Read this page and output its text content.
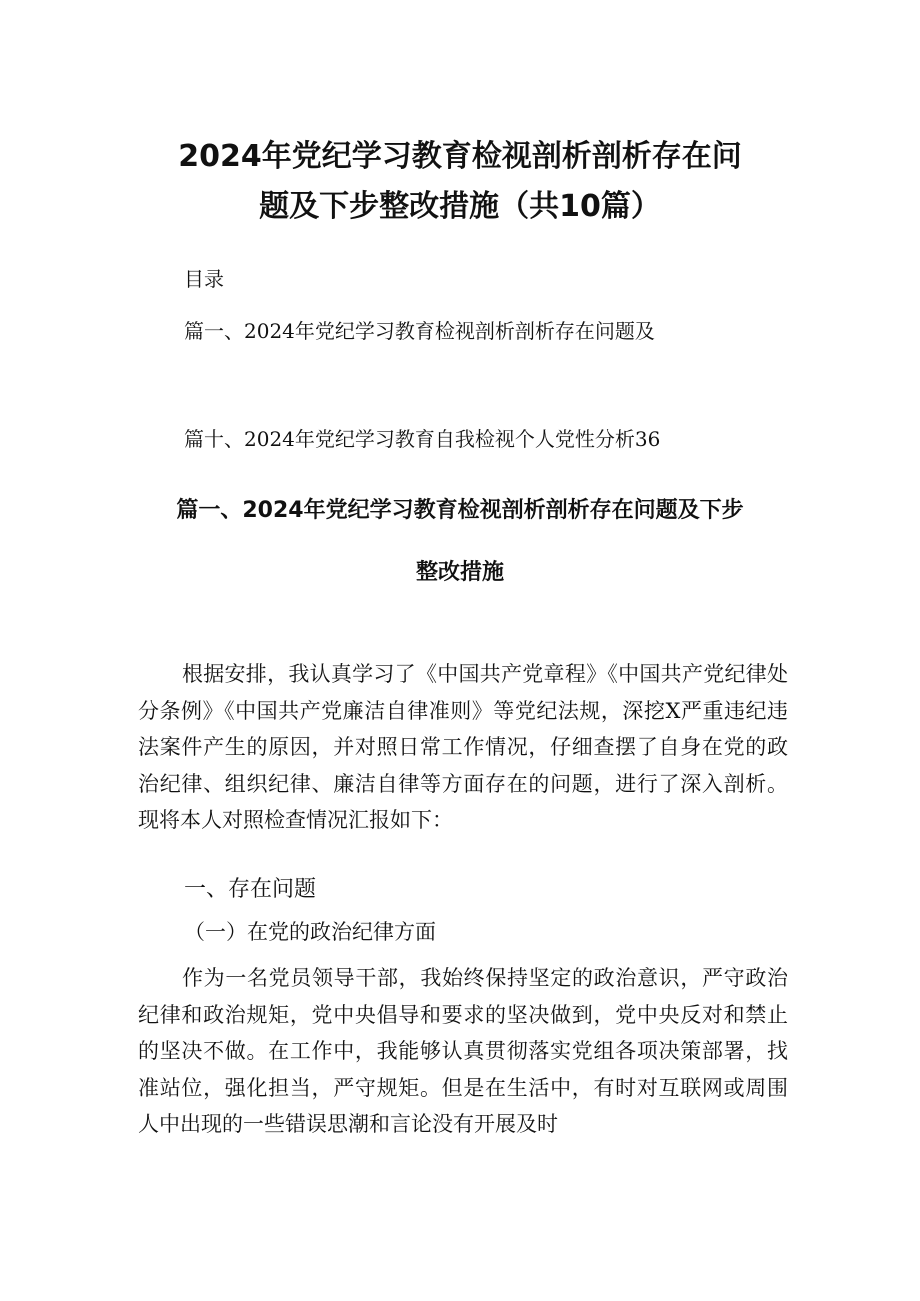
2024年党纪学习教育检视剖析剖析存在问
题及下步整改措施（共10篇）
目录
篇一、2024年党纪学习教育检视剖析剖析存在问题及
篇十、2024年党纪学习教育自我检视个人党性分析36
篇一、2024年党纪学习教育检视剖析剖析存在问题及下步
整改措施

根据安排，我认真学习了《中国共产党章程》《中国共产党纪律处分条例》《中国共产党廉洁自律准则》等党纪法规，深挖X严重违纪违法案件产生的原因，并对照日常工作情况，仔细查摆了自身在党的政治纪律、组织纪律、廉洁自律等方面存在的问题，进行了深入剖析。现将本人对照检查情况汇报如下：

一、存在问题
（一）在党的政治纪律方面

作为一名党员领导干部，我始终保持坚定的政治意识，严守政治纪律和政治规矩，党中央倡导和要求的坚决做到，党中央反对和禁止的坚决不做。在工作中，我能够认真贯彻落实党组各项决策部署，找准站位，强化担当，严守规矩。但是在生活中，有时对互联网或周围人中出现的一些错误思潮和言论没有开展及时
